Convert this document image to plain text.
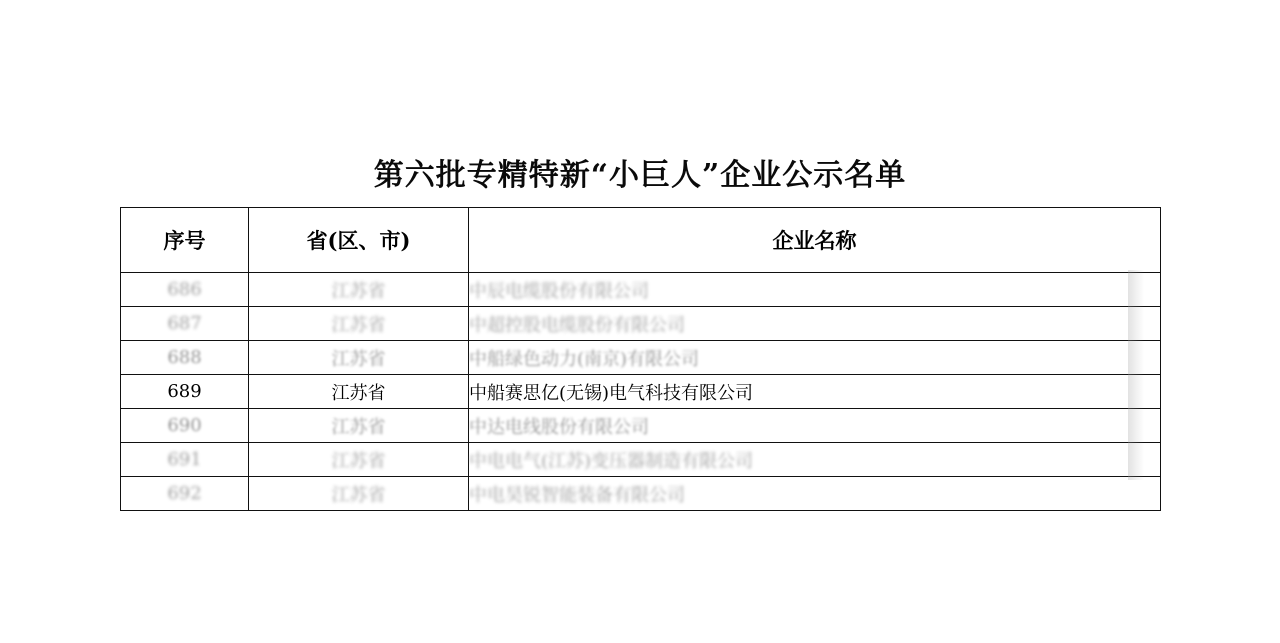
第六批专精特新“小巨人”企业公示名单
序号	省(区、市)	企业名称
686	江苏省	中辰电缆股份有限公司
687	江苏省	中超控股电缆股份有限公司
688	江苏省	中船绿色动力(南京)有限公司
689	江苏省	中船赛思亿(无锡)电气科技有限公司
690	江苏省	中达电线股份有限公司
691	江苏省	中电电气(江苏)变压器制造有限公司
692	江苏省	中电昊锐智能装备有限公司
